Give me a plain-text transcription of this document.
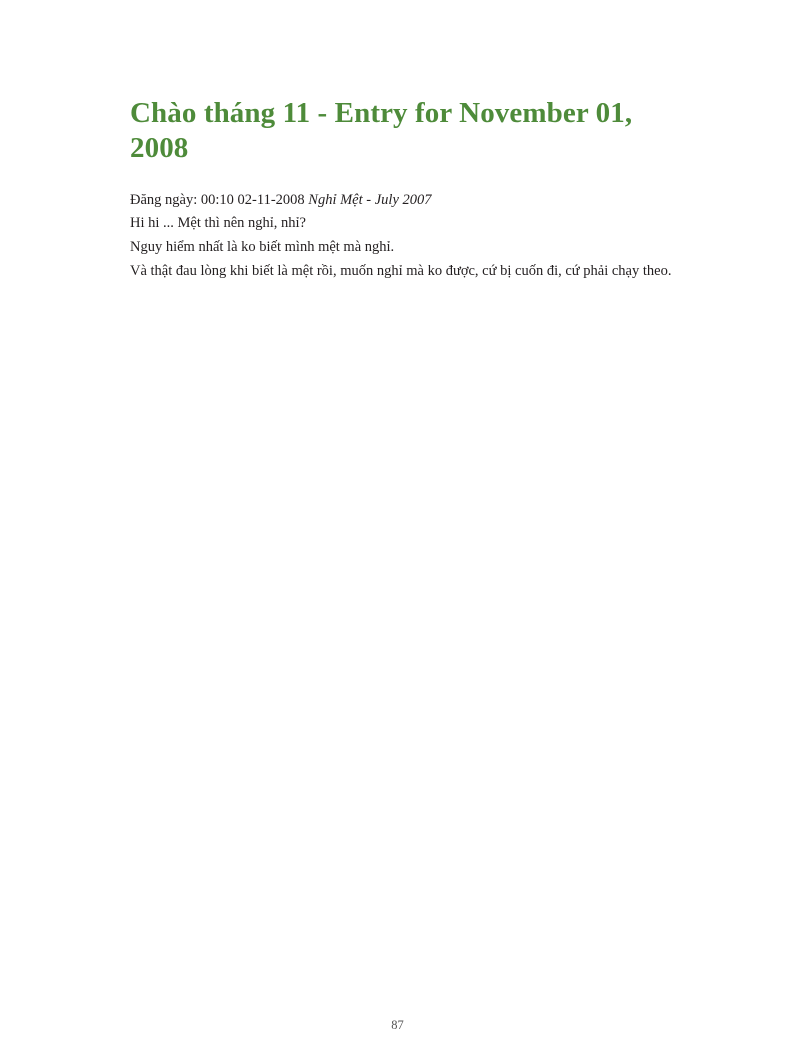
Chào tháng 11 - Entry for November 01, 2008

Đăng ngày: 00:10 02-11-2008 Nghỉ Mệt - July 2007

Hi hi ... Mệt thì nên nghỉ, nhỉ?

Nguy hiểm nhất là ko biết mình mệt mà nghỉ.

Và thật đau lòng khi biết là mệt rồi, muốn nghỉ mà ko được, cứ bị cuốn đi, cứ phải chạy theo.

87
